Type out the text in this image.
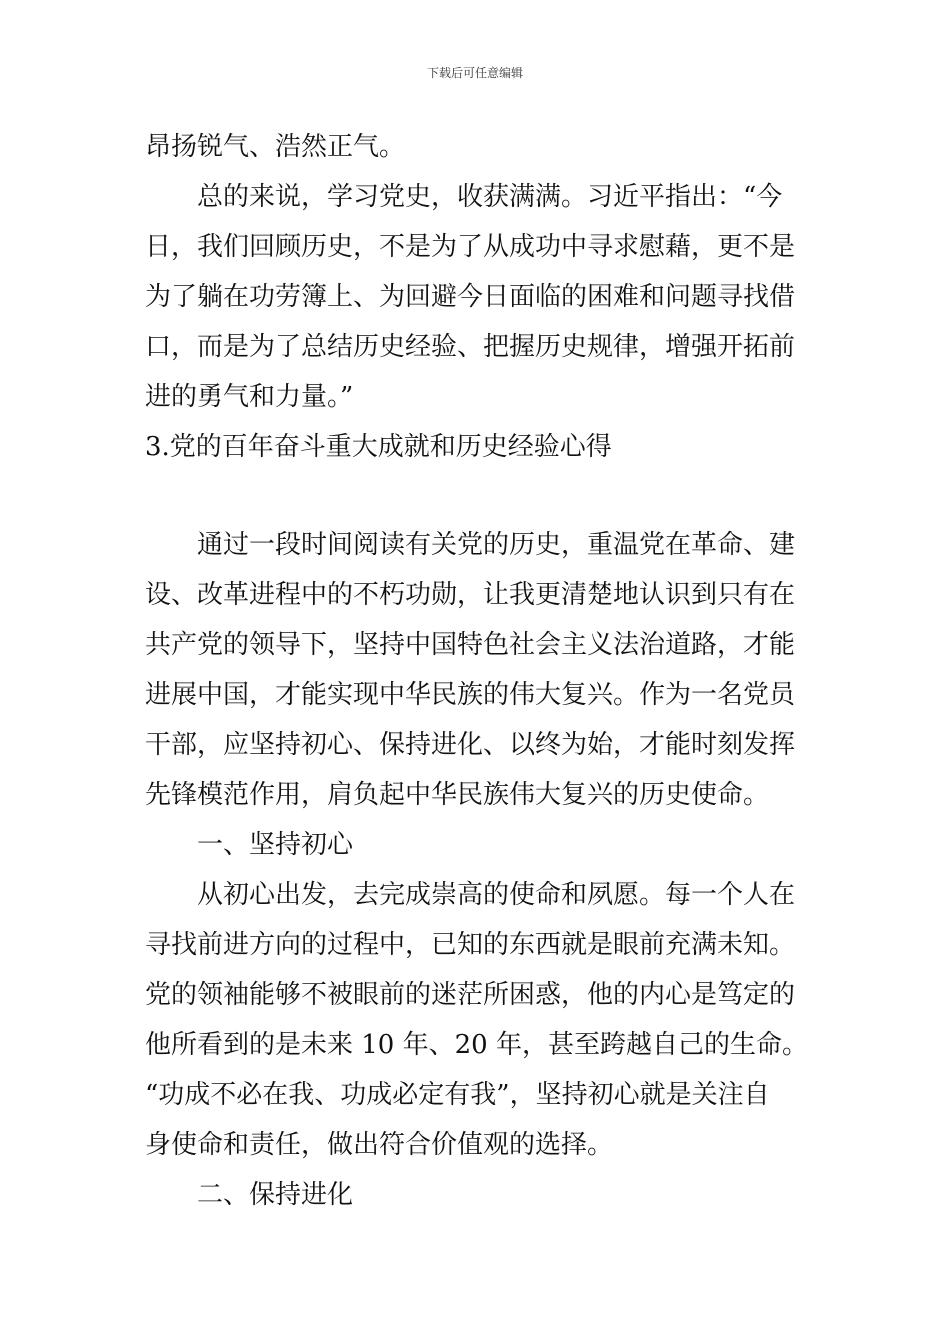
下载后可任意编辑
昂扬锐气、浩然正气。
总的来说，学习党史，收获满满。习近平指出：“今
日，我们回顾历史，不是为了从成功中寻求慰藉，更不是
为了躺在功劳簿上、为回避今日面临的困难和问题寻找借
口，而是为了总结历史经验、把握历史规律，增强开拓前
进的勇气和力量。”
3.党的百年奋斗重大成就和历史经验心得
通过一段时间阅读有关党的历史，重温党在革命、建
设、改革进程中的不朽功勋，让我更清楚地认识到只有在
共产党的领导下，坚持中国特色社会主义法治道路，才能
进展中国，才能实现中华民族的伟大复兴。作为一名党员
干部，应坚持初心、保持进化、以终为始，才能时刻发挥
先锋模范作用，肩负起中华民族伟大复兴的历史使命。
一、坚持初心
从初心出发，去完成崇高的使命和夙愿。每一个人在
寻找前进方向的过程中，已知的东西就是眼前充满未知。
党的领袖能够不被眼前的迷茫所困惑，他的内心是笃定的
他所看到的是未来 10 年、20 年，甚至跨越自己的生命。
“功成不必在我、功成必定有我”，坚持初心就是关注自
身使命和责任，做出符合价值观的选择。
二、保持进化
